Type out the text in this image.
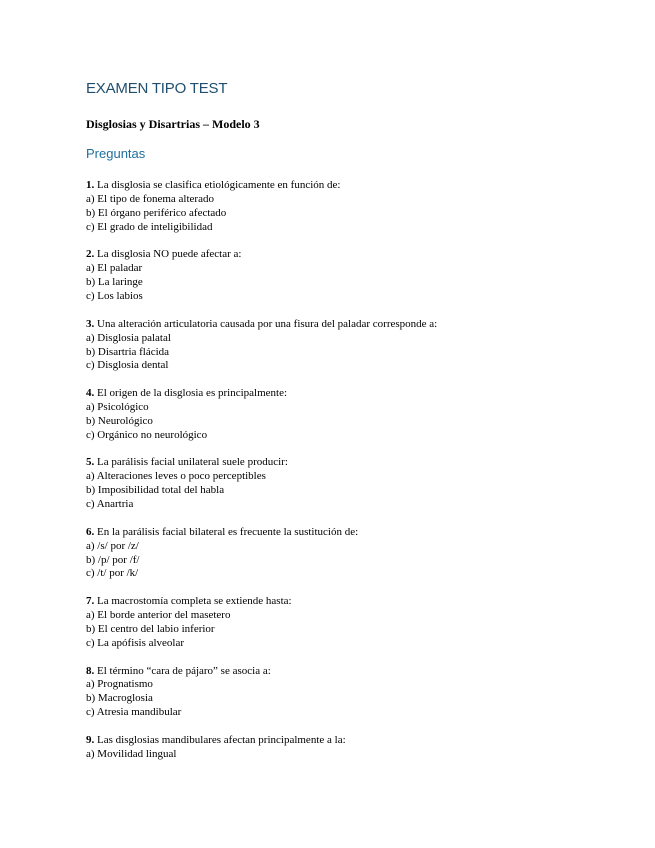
EXAMEN TIPO TEST
Disglosias y Disartrias – Modelo 3
Preguntas
1. La disglosia se clasifica etiológicamente en función de:
a) El tipo de fonema alterado
b) El órgano periférico afectado
c) El grado de inteligibilidad
2. La disglosia NO puede afectar a:
a) El paladar
b) La laringe
c) Los labios
3. Una alteración articulatoria causada por una fisura del paladar corresponde a:
a) Disglosia palatal
b) Disartria flácida
c) Disglosia dental
4. El origen de la disglosia es principalmente:
a) Psicológico
b) Neurológico
c) Orgánico no neurológico
5. La parálisis facial unilateral suele producir:
a) Alteraciones leves o poco perceptibles
b) Imposibilidad total del habla
c) Anartria
6. En la parálisis facial bilateral es frecuente la sustitución de:
a) /s/ por /z/
b) /p/ por /f/
c) /t/ por /k/
7. La macrostomía completa se extiende hasta:
a) El borde anterior del masetero
b) El centro del labio inferior
c) La apófisis alveolar
8. El término “cara de pájaro” se asocia a:
a) Prognatismo
b) Macroglosia
c) Atresia mandibular
9. Las disglosias mandibulares afectan principalmente a la:
a) Movilidad lingual
